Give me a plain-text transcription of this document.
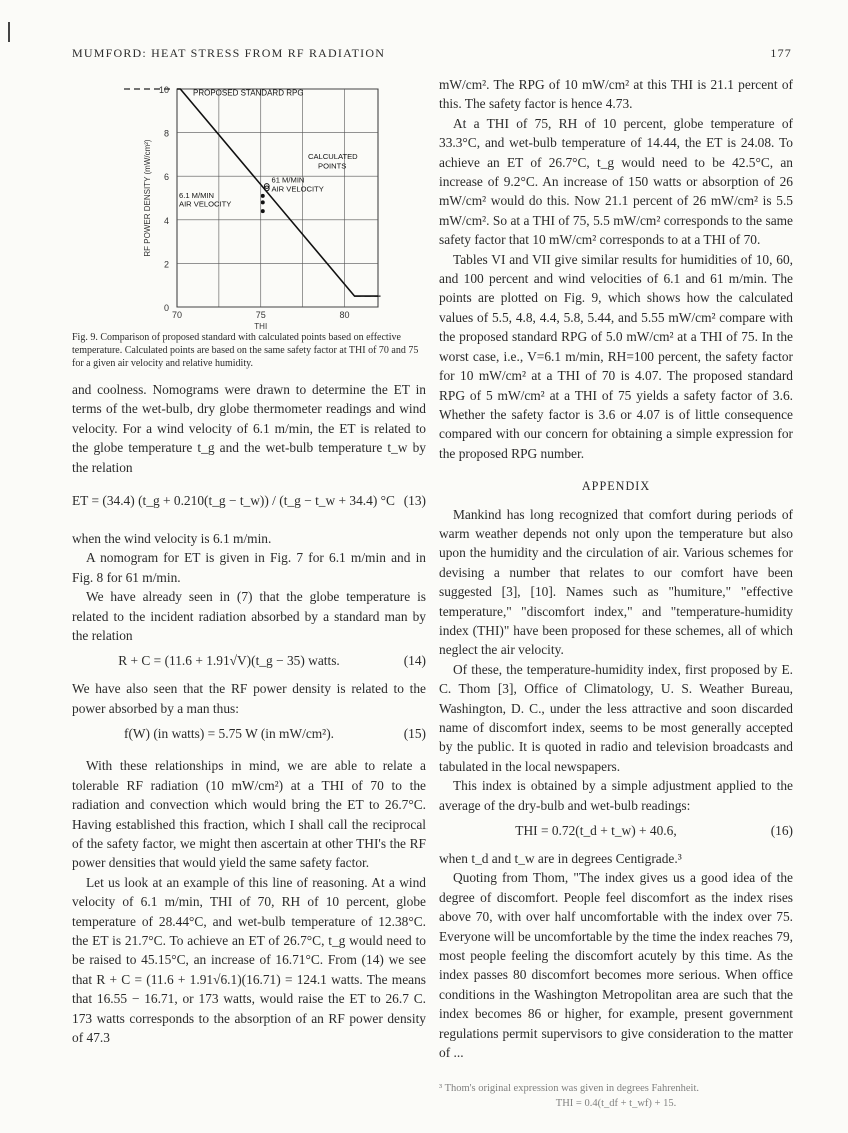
MUMFORD: HEAT STRESS FROM RF RADIATION	177
0
2
4
6
8
10
70	75	80
THI
RF POWER DENSITY (mW/cm²)
PROPOSED STANDARD RPG
CALCULATED
POINTS
61 M/MIN
AIR VELOCITY
6.1 M/MIN
AIR VELOCITY
Fig. 9. Comparison of proposed standard with calculated points based on effective temperature. Calculated points are based on the same safety factor at THI of 70 and 75 for a given air velocity and relative humidity.

and coolness. Nomograms were drawn to determine the ET in terms of the wet-bulb, dry globe thermometer readings and wind velocity. For a wind velocity of 6.1 m/min, the ET is related to the globe temperature t_g and the wet-bulb temperature t_w by the relation

ET = (34.4) (t_g + 0.210(t_g − t_w)) / (t_g − t_w + 34.4) °C (13)

when the wind velocity is 6.1 m/min.

A nomogram for ET is given in Fig. 7 for 6.1 m/min and in Fig. 8 for 61 m/min.

We have already seen in (7) that the globe temperature is related to the incident radiation absorbed by a standard man by the relation

R + C = (11.6 + 1.91√V)(t_g − 35) watts.	(14)

We have also seen that the RF power density is related to the power absorbed by a man thus:

f(W) (in watts) = 5.75 W (in mW/cm²).	(15)

With these relationships in mind, we are able to relate a tolerable RF radiation (10 mW/cm²) at a THI of 70 to the radiation and convection which would bring the ET to 26.7°C. Having established this fraction, which I shall call the reciprocal of the safety factor, we might then ascertain at other THI's the RF power densities that would yield the same safety factor.

Let us look at an example of this line of reasoning. At a wind velocity of 6.1 m/min, THI of 70, RH of 10 percent, globe temperature of 28.44°C, and wet-bulb temperature of 12.38°C. the ET is 21.7°C. To achieve an ET of 26.7°C, t_g would need to be raised to 45.15°C, an increase of 16.71°C. From (14) we see that R + C = (11.6 + 1.91√6.1)(16.71) = 124.1 watts. The means that 16.55 − 16.71, or 173 watts, would raise the ET to 26.7 C. 173 watts corresponds to the absorption of an RF power density of 47.3

mW/cm². The RPG of 10 mW/cm² at this THI is 21.1 percent of this. The safety factor is hence 4.73.

At a THI of 75, RH of 10 percent, globe temperature of 33.3°C, and wet-bulb temperature of 14.44, the ET is 24.08. To achieve an ET of 26.7°C, t_g would need to be 42.5°C, an increase of 9.2°C. An increase of 150 watts or absorption of 26 mW/cm² would do this. Now 21.1 percent of 26 mW/cm² is 5.5 mW/cm². So at a THI of 75, 5.5 mW/cm² corresponds to the same safety factor that 10 mW/cm² corresponds to at a THI of 70.

Tables VI and VII give similar results for humidities of 10, 60, and 100 percent and wind velocities of 6.1 and 61 m/min. The points are plotted on Fig. 9, which shows how the calculated values of 5.5, 4.8, 4.4, 5.8, 5.44, and 5.55 mW/cm² compare with the proposed standard RPG of 5.0 mW/cm² at a THI of 75. In the worst case, i.e., V=6.1 m/min, RH=100 percent, the safety factor for 10 mW/cm² at a THI of 70 is 4.07. The proposed standard RPG of 5 mW/cm² at a THI of 75 yields a safety factor of 3.6. Whether the safety factor is 3.6 or 4.07 is of little consequence compared with our concern for obtaining a simple expression for the proposed RPG number.

APPENDIX

Mankind has long recognized that comfort during periods of warm weather depends not only upon the temperature but also upon the humidity and the circulation of air. Various schemes for devising a number that relates to our comfort have been suggested [3], [10]. Names such as "humiture," "effective temperature," "discomfort index," and "temperature-humidity index (THI)" have been proposed for these schemes, all of which neglect the air velocity.

Of these, the temperature-humidity index, first proposed by E. C. Thom [3], Office of Climatology, U. S. Weather Bureau, Washington, D. C., under the less attractive and soon discarded name of discomfort index, seems to be most generally accepted by the public. It is quoted in radio and television broadcasts and tabulated in the local newspapers.

This index is obtained by a simple adjustment applied to the average of the dry-bulb and wet-bulb readings:

THI = 0.72(t_d + t_w) + 40.6,	(16)

when t_d and t_w are in degrees Centigrade.³

Quoting from Thom, "The index gives us a good idea of the degree of discomfort. People feel discomfort as the index rises above 70, with over half uncomfortable with the index over 75. Everyone will be uncomfortable by the time the index reaches 79, most people feeling the discomfort acutely by this time. As the index passes 80 discomfort becomes more serious. When office conditions in the Washington Metropolitan area are such that the index becomes 86 or higher, for example, present government regulations permit supervisors to give consideration to the matter of ...

³ Thom's original expression was given in degrees Fahrenheit.
THI = 0.4(t_df + t_wf) + 15.
